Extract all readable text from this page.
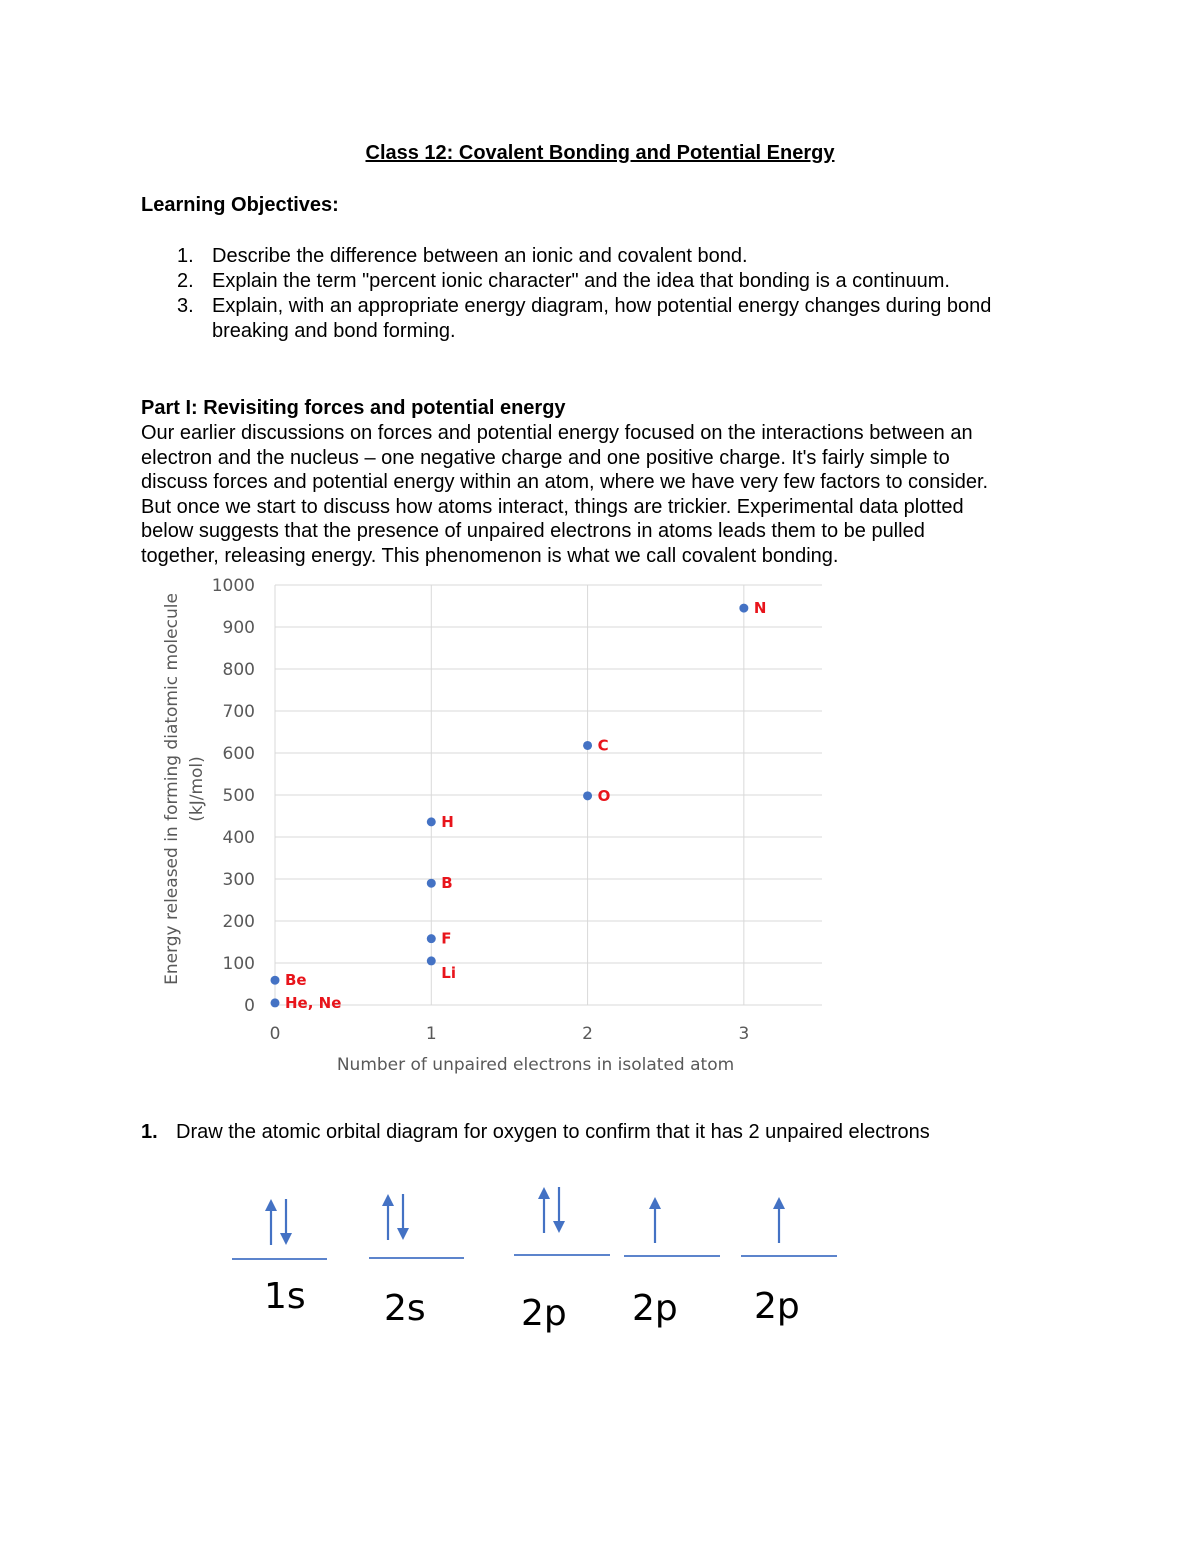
Class 12: Covalent Bonding and Potential Energy
Learning Objectives:
1. Describe the difference between an ionic and covalent bond.
2. Explain the term "percent ionic character" and the idea that bonding is a continuum.
3. Explain, with an appropriate energy diagram, how potential energy changes during bond breaking and bond forming.
Part I: Revisiting forces and potential energy
Our earlier discussions on forces and potential energy focused on the interactions between an
electron and the nucleus – one negative charge and one positive charge. It's fairly simple to
discuss forces and potential energy within an atom, where we have very few factors to consider.
But once we start to discuss how atoms interact, things are trickier. Experimental data plotted
below suggests that the presence of unpaired electrons in atoms leads them to be pulled
together, releasing energy. This phenomenon is what we call covalent bonding.
0
100
200
300
400
500
600
700
800
900
1000
0	1	2	3
Number of unpaired electrons in isolated atom
Energy released in forming diatomic molecule (kJ/mol)
He, Ne
Be	Li
F
B
H
O
C
N
1. Draw the atomic orbital diagram for oxygen to confirm that it has 2 unpaired electrons
1s 2s	2p 2p 2p
